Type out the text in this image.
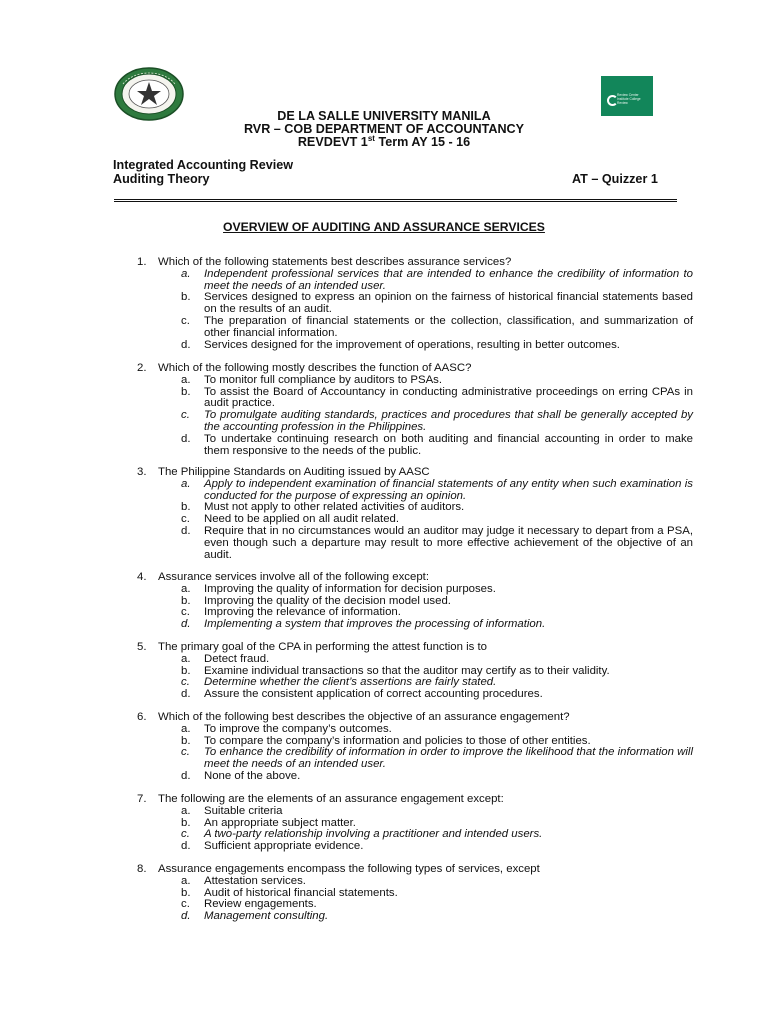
Review Center Institute College Review
DE LA SALLE UNIVERSITY MANILA
RVR – COB DEPARTMENT OF ACCOUNTANCY
REVDEVT 1st Term AY 15 - 16
Integrated Accounting Review
Auditing Theory	AT – Quizzer 1
OVERVIEW OF AUDITING AND ASSURANCE SERVICES
1.	Which of the following statements best describes assurance services?
a.	Independent professional services that are intended to enhance the credibility of information to meet the needs of an intended user.
b.	Services designed to express an opinion on the fairness of historical financial statements based on the results of an audit.
c.	The preparation of financial statements or the collection, classification, and summarization of other financial information.
d.	Services designed for the improvement of operations, resulting in better outcomes.
2.	Which of the following mostly describes the function of AASC?
a.	To monitor full compliance by auditors to PSAs.
b.	To assist the Board of Accountancy in conducting administrative proceedings on erring CPAs in audit practice.
c.	To promulgate auditing standards, practices and procedures that shall be generally accepted by the accounting profession in the Philippines.
d.	To undertake continuing research on both auditing and financial accounting in order to make them responsive to the needs of the public.
3.	The Philippine Standards on Auditing issued by AASC
a.	Apply to independent examination of financial statements of any entity when such examination is conducted for the purpose of expressing an opinion.
b.	Must not apply to other related activities of auditors.
c.	Need to be applied on all audit related.
d.	Require that in no circumstances would an auditor may judge it necessary to depart from a PSA, even though such a departure may result to more effective achievement of the objective of an audit.
4.	Assurance services involve all of the following except:
a.	Improving the quality of information for decision purposes.
b.	Improving the quality of the decision model used.
c.	Improving the relevance of information.
d.	Implementing a system that improves the processing of information.
5.	The primary goal of the CPA in performing the attest function is to
a.	Detect fraud.
b.	Examine individual transactions so that the auditor may certify as to their validity.
c.	Determine whether the client’s assertions are fairly stated.
d.	Assure the consistent application of correct accounting procedures.
6.	Which of the following best describes the objective of an assurance engagement?
a.	To improve the company’s outcomes.
b.	To compare the company’s information and policies to those of other entities.
c.	To enhance the credibility of information in order to improve the likelihood that the information will meet the needs of an intended user.
d.	None of the above.
7.	The following are the elements of an assurance engagement except:
a.	Suitable criteria
b.	An appropriate subject matter.
c.	A two-party relationship involving a practitioner and intended users.
d.	Sufficient appropriate evidence.
8.	Assurance engagements encompass the following types of services, except
a.	Attestation services.
b.	Audit of historical financial statements.
c.	Review engagements.
d.	Management consulting.
